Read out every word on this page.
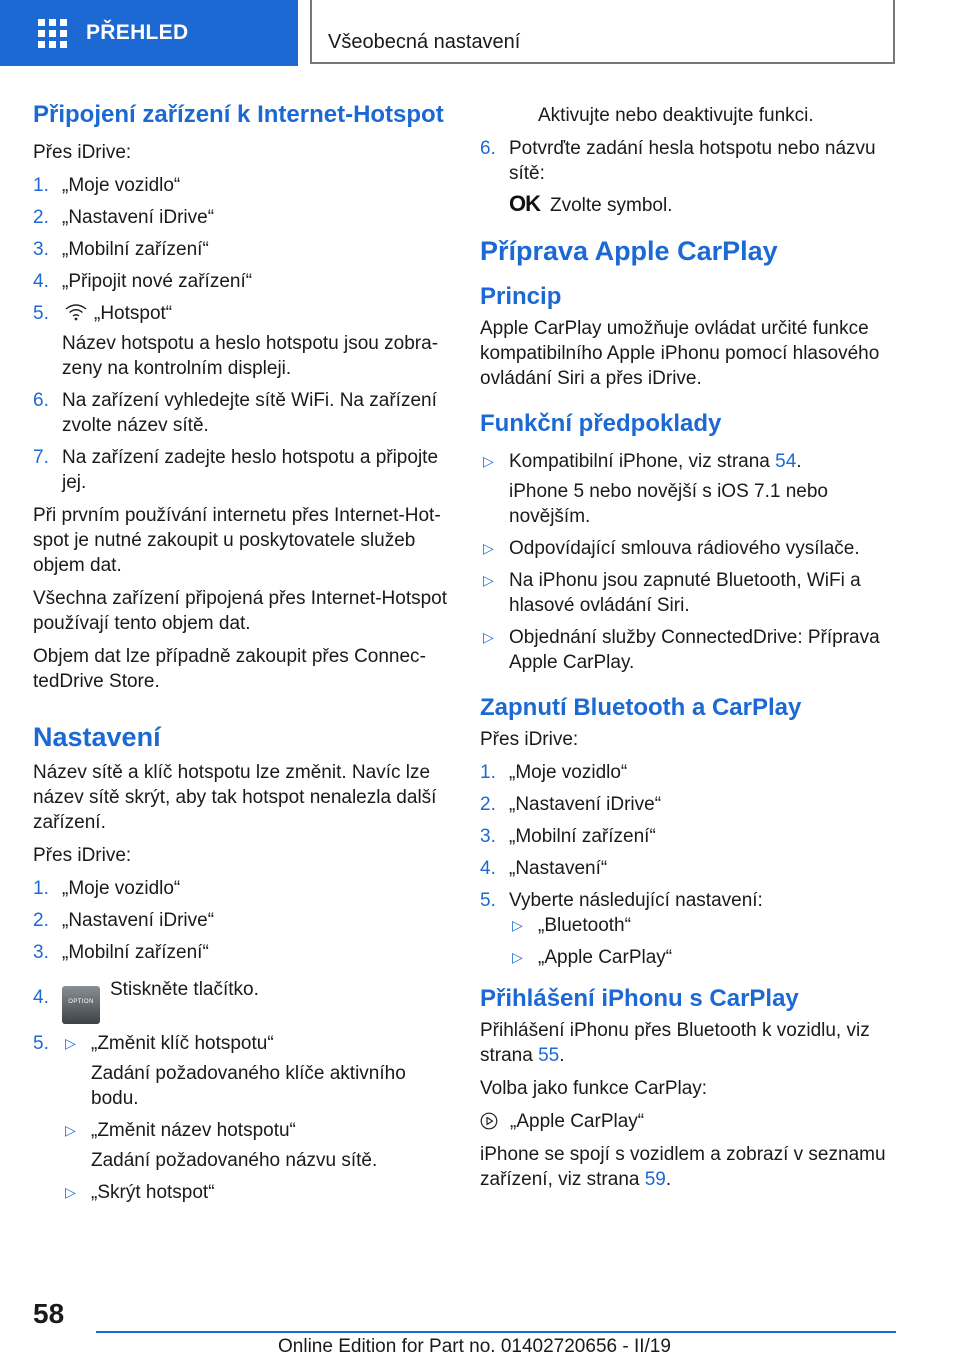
PŘEHLED	Všeobecná nastavení
Připojení zařízení k Internet-Hotspot

Přes iDrive:

1. „Moje vozidlo“
2. „Nastavení iDrive“
3. „Mobilní zařízení“
4. „Připojit nové zařízení“
5. „Hotspot“
Název hotspotu a heslo hotspotu jsou zobrazeny na kontrolním displeji.
6. Na zařízení vyhledejte sítě WiFi. Na zařízení zvolte název sítě.
7. Na zařízení zadejte heslo hotspotu a připojte jej.

Při prvním používání internetu přes Internet-Hotspot je nutné zakoupit u poskytovatele služeb objem dat.

Všechna zařízení připojená přes Internet-Hotspot používají tento objem dat.

Objem dat lze případně zakoupit přes ConnectedDrive Store.

Nastavení

Název sítě a klíč hotspotu lze změnit. Navíc lze název sítě skrýt, aby tak hotspot nenalezla další zařízení.

Přes iDrive:

1. „Moje vozidlo“
2. „Nastavení iDrive“
3. „Mobilní zařízení“
4.	OPTIONStiskněte tlačítko.
5. ▷ „Změnit klíč hotspotu“
Zadání požadovaného klíče aktivního bodu.
▷ „Změnit název hotspotu“
Zadání požadovaného názvu sítě.
▷ „Skrýt hotspot“

Aktivujte nebo deaktivujte funkci.

6. Potvrďte zadání hesla hotspotu nebo názvu sítě:
OK Zvolte symbol.
Příprava Apple CarPlay
Princip

Apple CarPlay umožňuje ovládat určité funkce kompatibilního Apple iPhonu pomocí hlasového ovládání Siri a přes iDrive.

Funkční předpoklady
▷ Kompatibilní iPhone, viz strana 54.
iPhone 5 nebo novější s iOS 7.1 nebo novějším.
▷ Odpovídající smlouva rádiového vysílače.
▷ Na iPhonu jsou zapnuté Bluetooth, WiFi a hlasové ovládání Siri.
▷ Objednání služby ConnectedDrive: Příprava Apple CarPlay.
Zapnutí Bluetooth a CarPlay

Přes iDrive:

1. „Moje vozidlo“
2. „Nastavení iDrive“
3. „Mobilní zařízení“
4. „Nastavení“
5. Vyberte následující nastavení:
▷ „Bluetooth“
▷ „Apple CarPlay“
Přihlášení iPhonu s CarPlay

Přihlášení iPhonu přes Bluetooth k vozidlu, viz strana 55.

Volba jako funkce CarPlay:

„Apple CarPlay“

iPhone se spojí s vozidlem a zobrazí v seznamu zařízení, viz strana 59.

58
Online Edition for Part no. 01402720656 - II/19
